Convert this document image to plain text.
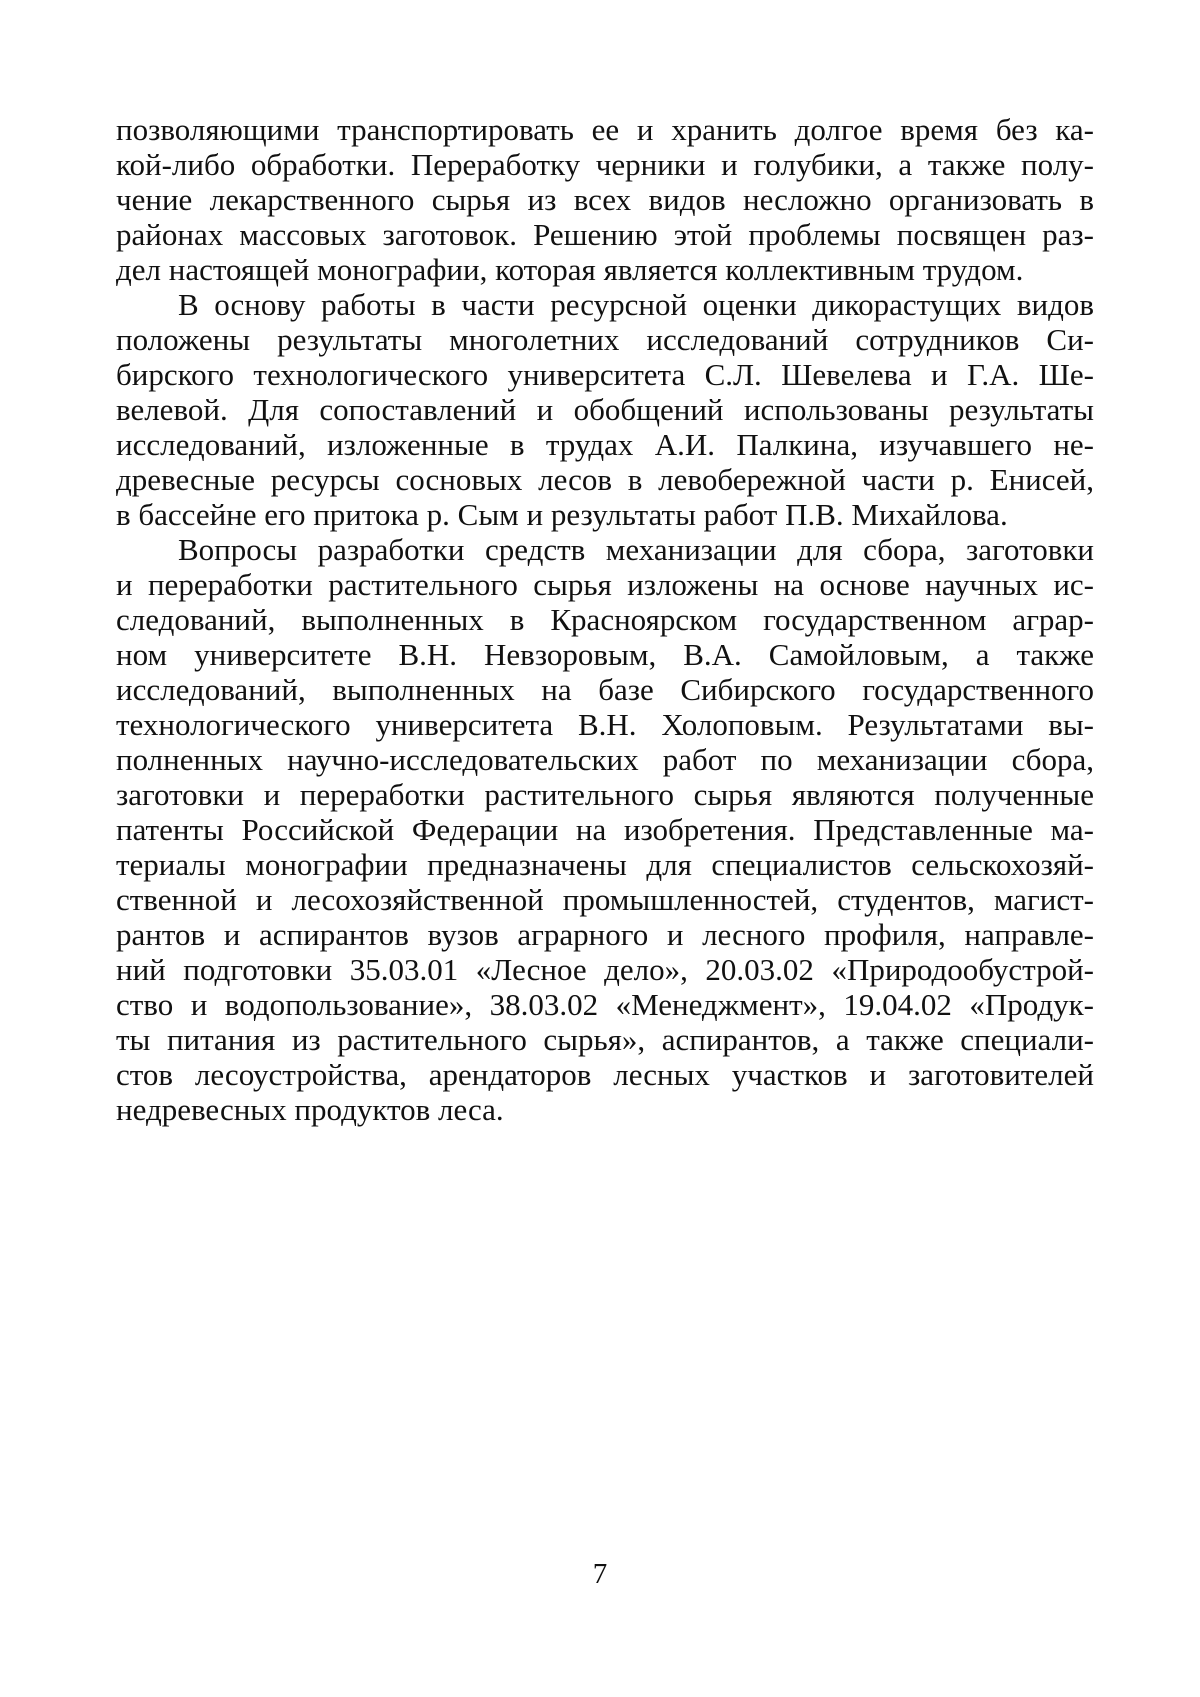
позволяющими транспортировать ее и хранить долгое время без ка-
кой-либо обработки. Переработку черники и голубики, а также полу-
чение лекарственного сырья из всех видов несложно организовать в
районах массовых заготовок. Решению этой проблемы посвящен раз-
дел настоящей монографии, которая является коллективным трудом.
В основу работы в части ресурсной оценки дикорастущих видов
положены результаты многолетних исследований сотрудников Си-
бирского технологического университета С.Л. Шевелева и Г.А. Ше-
велевой. Для сопоставлений и обобщений использованы результаты
исследований, изложенные в трудах А.И. Палкина, изучавшего не-
древесные ресурсы сосновых лесов в левобережной части р. Енисей,
в бассейне его притока р. Сым и результаты работ П.В. Михайлова.
Вопросы разработки средств механизации для сбора, заготовки
и переработки растительного сырья изложены на основе научных ис-
следований, выполненных в Красноярском государственном аграр-
ном университете В.Н. Невзоровым, В.А. Самойловым, а также
исследований, выполненных на базе Сибирского государственного
технологического университета В.Н. Холоповым. Результатами вы-
полненных научно-исследовательских работ по механизации сбора,
заготовки и переработки растительного сырья являются полученные
патенты Российской Федерации на изобретения. Представленные ма-
териалы монографии предназначены для специалистов сельскохозяй-
ственной и лесохозяйственной промышленностей, студентов, магист-
рантов и аспирантов вузов аграрного и лесного профиля, направле-
ний подготовки 35.03.01 «Лесное дело», 20.03.02 «Природообустрой-
ство и водопользование», 38.03.02 «Менеджмент», 19.04.02 «Продук-
ты питания из растительного сырья», аспирантов, а также специали-
стов лесоустройства, арендаторов лесных участков и заготовителей
недревесных продуктов леса.
7
